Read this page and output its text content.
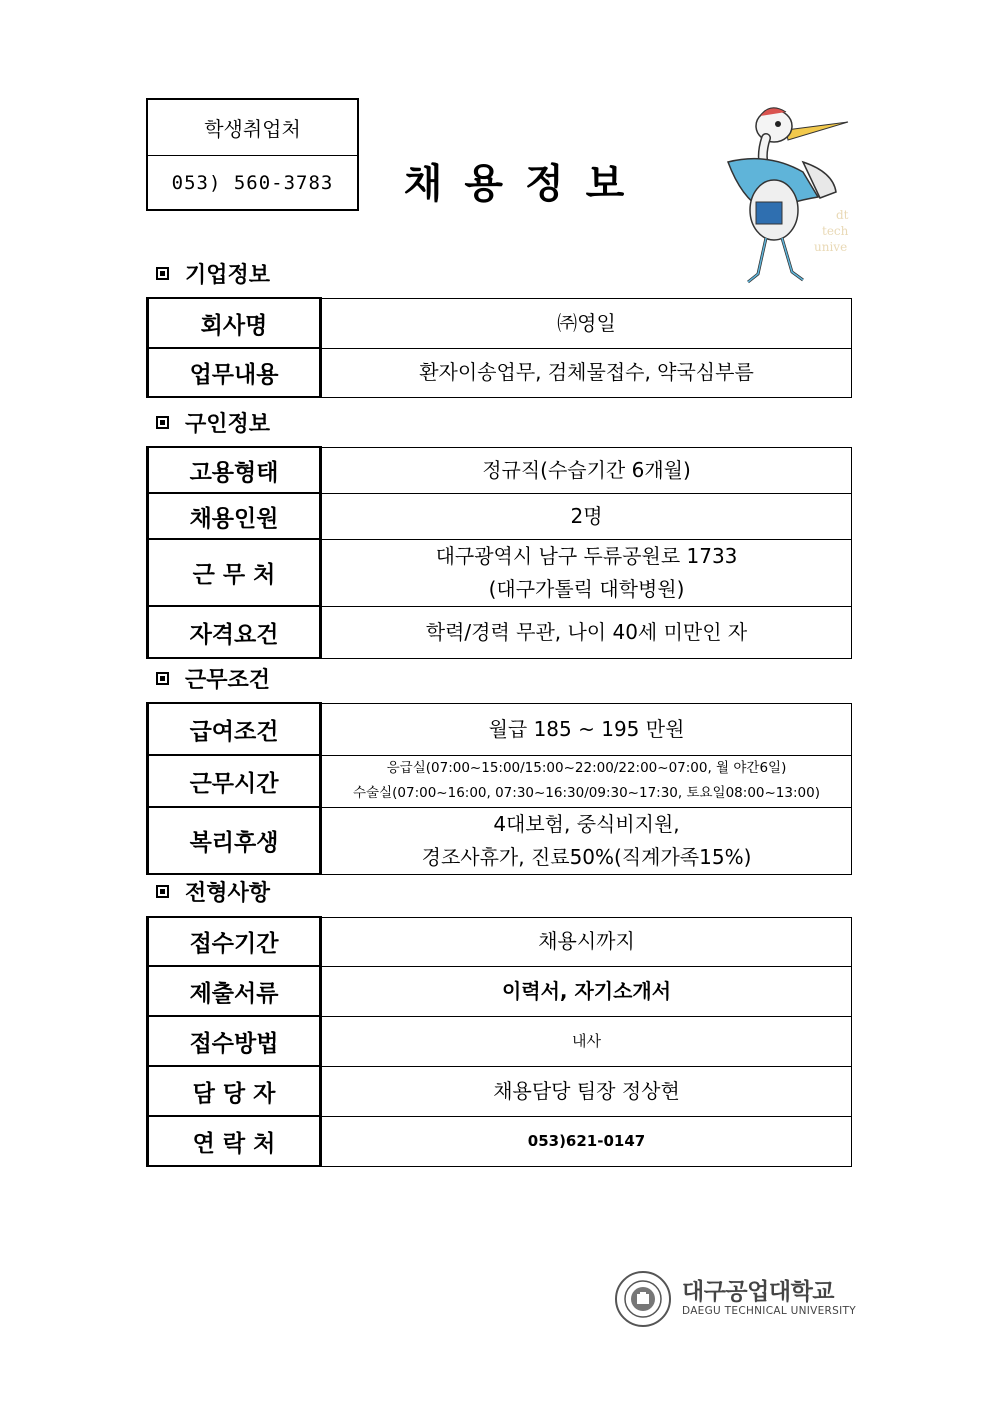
학생취업처
053) 560-3783	채용정보
dt
tech
unive
기업정보
회사명	㈜영일

업무내용	환자이송업무, 검체물접수, 약국심부름
구인정보
고용형태	정규직(수습기간 6개월)

채용인원	2명

근 무 처	대구광역시 남구 두류공원로 1733
(대구가톨릭 대학병원)

자격요건	학력/경력 무관, 나이 40세 미만인 자
근무조건
급여조건	월급 185 ~ 195 만원

근무시간	응급실(07:00~15:00/15:00~22:00/22:00~07:00, 월 야간6일)
수술실(07:00~16:00, 07:30~16:30/09:30~17:30, 토요일08:00~13:00)

복리후생	4대보험, 중식비지원,
경조사휴가, 진료50%(직계가족15%)
전형사항
접수기간	채용시까지

제출서류	이력서, 자기소개서

접수방법	내사

담 당 자	채용담당 팀장 정상현

연 락 처	053)621-0147
대구공업대학교
DAEGU TECHNICAL UNIVERSITY
